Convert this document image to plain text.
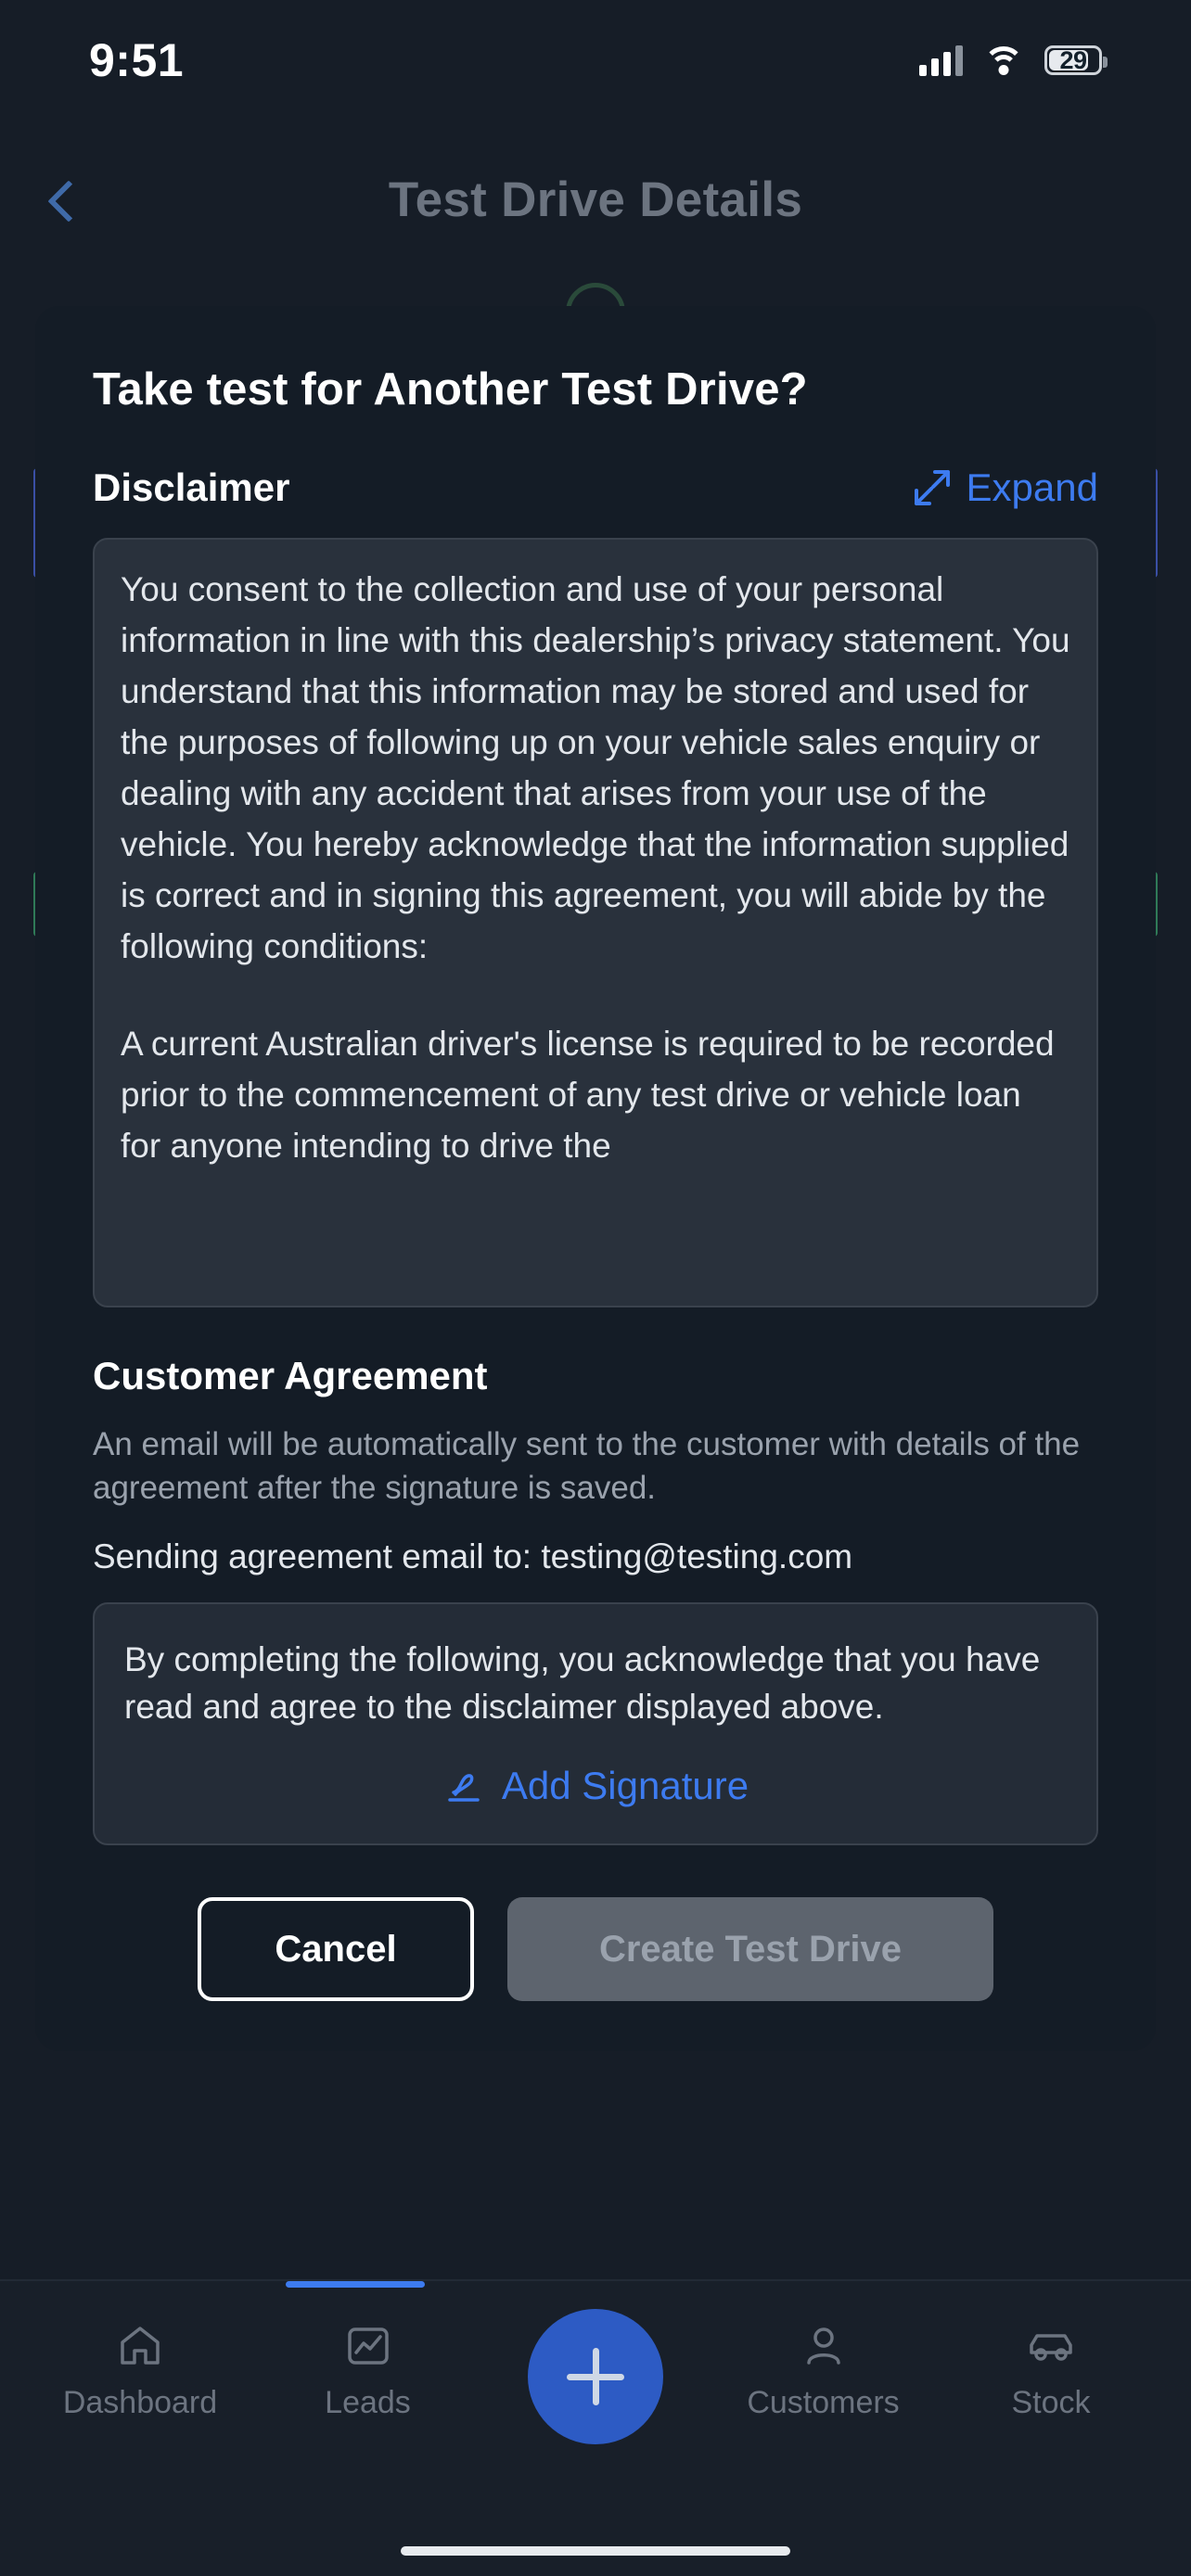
9:51	29
Test Drive Details
Take test for Another Test Drive?
Disclaimer	Expand

You consent to the collection and use of your personal information in line with this dealership’s privacy statement. You understand that this information may be stored and used for the purposes of following up on your vehicle sales enquiry or dealing with any accident that arises from your use of the vehicle. You hereby acknowledge that the information supplied is correct and in signing this agreement, you will abide by the following conditions:

A current Australian driver's license is required to be recorded prior to the commencement of any test drive or vehicle loan for anyone intending to drive the

Customer Agreement
An email will be automatically sent to the customer with details of the agreement after the signature is saved.
Sending agreement email to: testing@testing.com
By completing the following, you acknowledge that you have read and agree to the disclaimer displayed above.
Add Signature
Cancel	Create Test Drive
Dashboard	Leads	Customers	Stock
